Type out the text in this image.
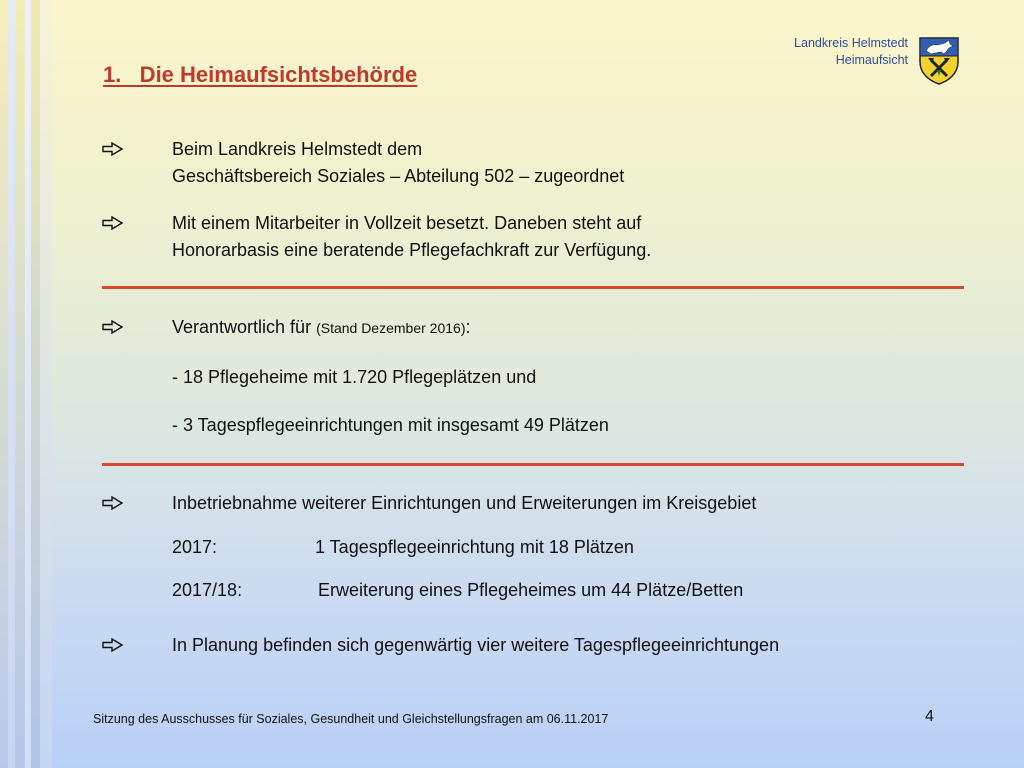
Landkreis Helmstedt
Heimaufsicht
1.   Die Heimaufsichtsbehörde
Beim Landkreis Helmstedt dem
Geschäftsbereich Soziales – Abteilung 502 – zugeordnet
Mit einem Mitarbeiter in Vollzeit besetzt. Daneben steht auf
Honorarbasis eine beratende Pflegefachkraft zur Verfügung.
Verantwortlich für (Stand Dezember 2016):
- 18 Pflegeheime mit 1.720 Pflegeplätzen und
- 3 Tagespflegeeinrichtungen mit insgesamt 49 Plätzen
Inbetriebnahme weiterer Einrichtungen und Erweiterungen im Kreisgebiet
2017:	1 Tagespflegeeinrichtung mit 18 Plätzen
2017/18:	Erweiterung eines Pflegeheimes um 44 Plätze/Betten
In Planung befinden sich gegenwärtig vier weitere Tagespflegeeinrichtungen
Sitzung des Ausschusses für Soziales, Gesundheit und Gleichstellungsfragen am 06.11.2017	4
